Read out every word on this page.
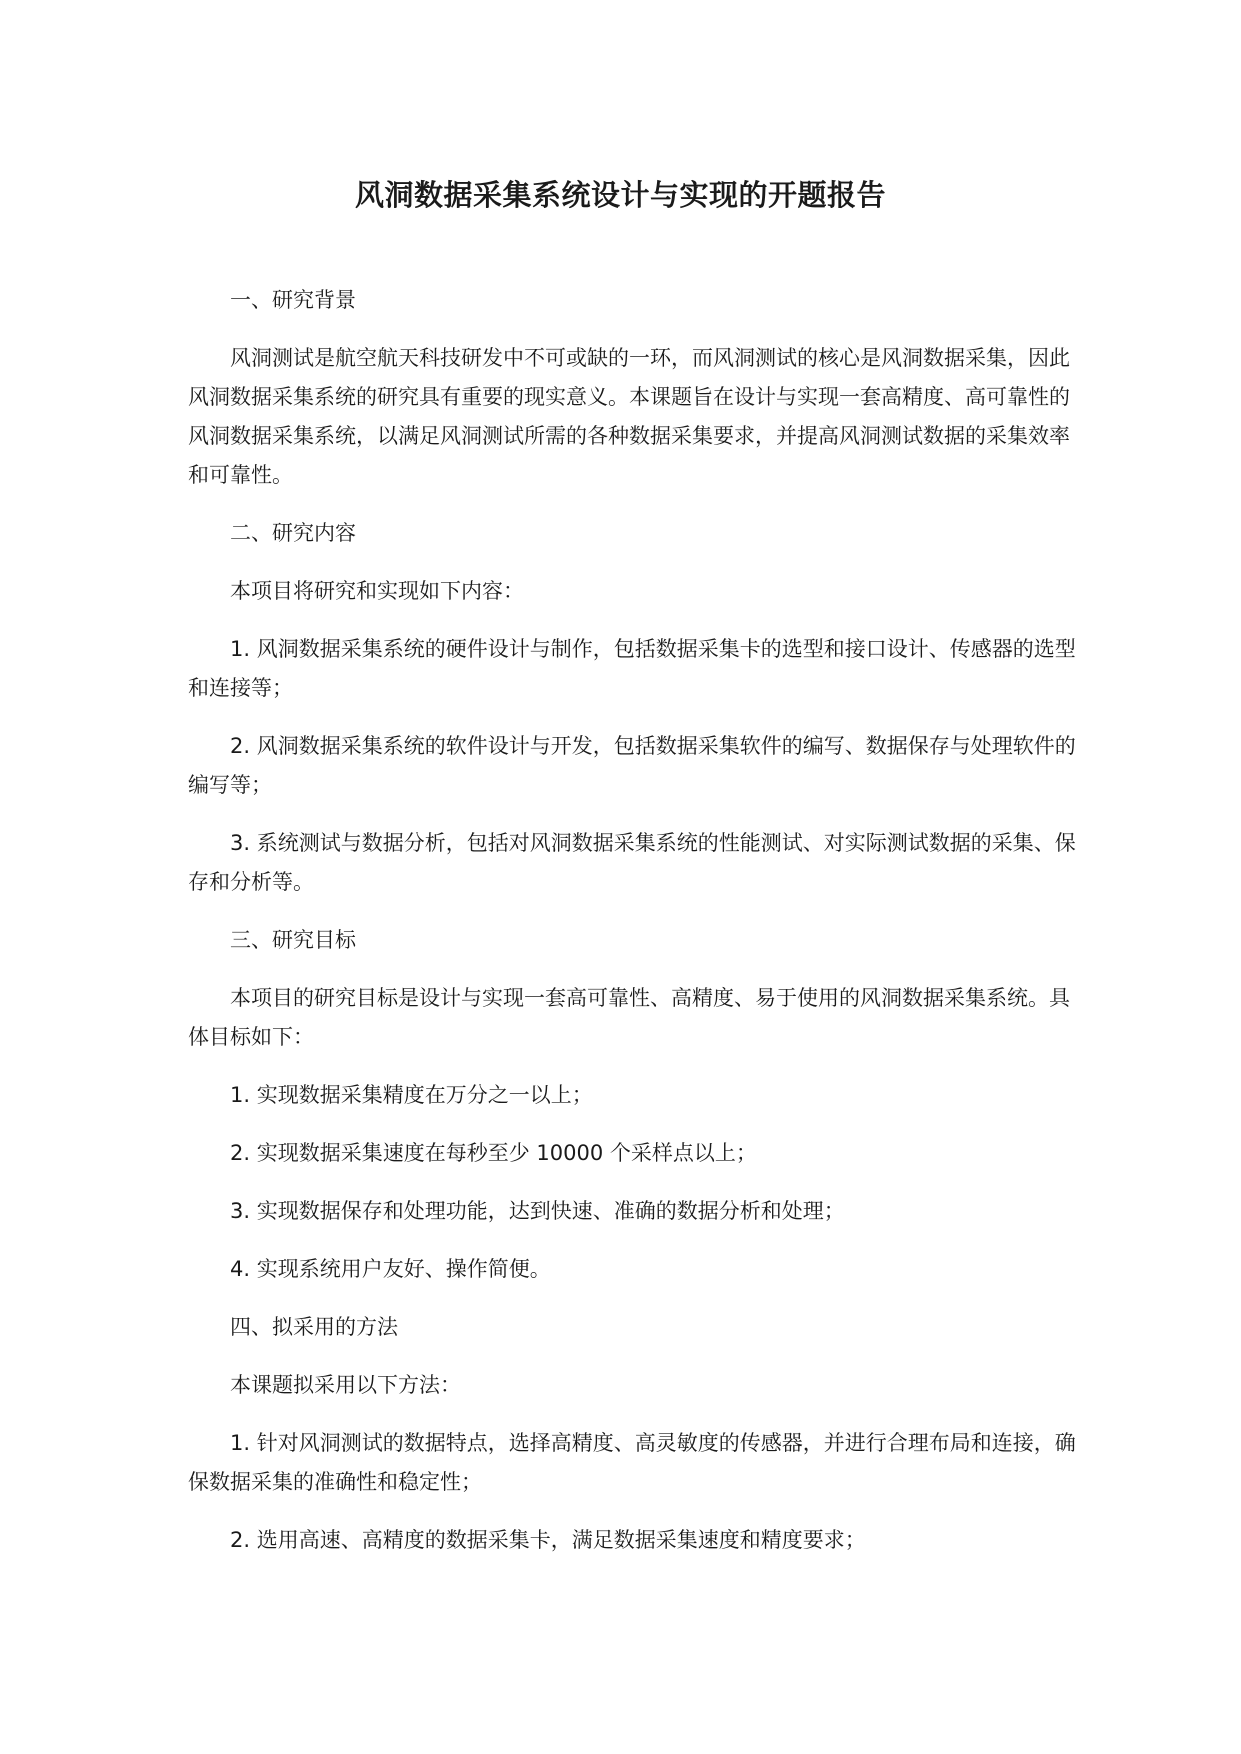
风洞数据采集系统设计与实现的开题报告

一、研究背景

风洞测试是航空航天科技研发中不可或缺的一环，而风洞测试的核心是风洞数据采集，因此风洞数据采集系统的研究具有重要的现实意义。本课题旨在设计与实现一套高精度、高可靠性的风洞数据采集系统，以满足风洞测试所需的各种数据采集要求，并提高风洞测试数据的采集效率和可靠性。

二、研究内容

本项目将研究和实现如下内容：

1. 风洞数据采集系统的硬件设计与制作，包括数据采集卡的选型和接口设计、传感器的选型和连接等；

2. 风洞数据采集系统的软件设计与开发，包括数据采集软件的编写、数据保存与处理软件的编写等；

3. 系统测试与数据分析，包括对风洞数据采集系统的性能测试、对实际测试数据的采集、保存和分析等。

三、研究目标

本项目的研究目标是设计与实现一套高可靠性、高精度、易于使用的风洞数据采集系统。具体目标如下：

1. 实现数据采集精度在万分之一以上；

2. 实现数据采集速度在每秒至少 10000 个采样点以上；

3. 实现数据保存和处理功能，达到快速、准确的数据分析和处理；

4. 实现系统用户友好、操作简便。

四、拟采用的方法

本课题拟采用以下方法：

1. 针对风洞测试的数据特点，选择高精度、高灵敏度的传感器，并进行合理布局和连接，确保数据采集的准确性和稳定性；

2. 选用高速、高精度的数据采集卡，满足数据采集速度和精度要求；
